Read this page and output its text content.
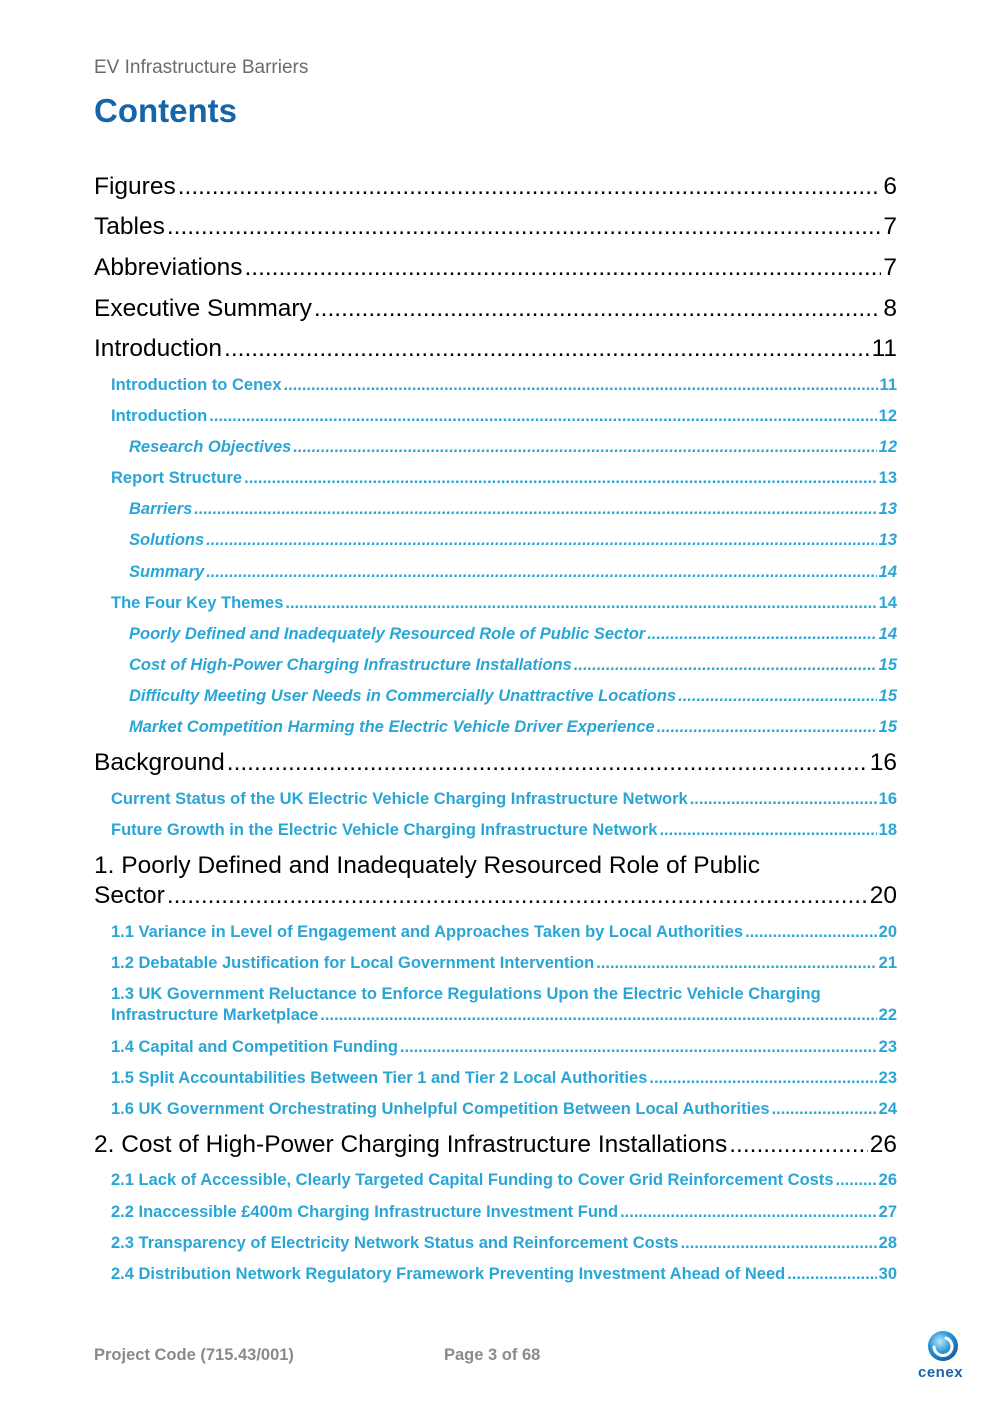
EV Infrastructure Barriers
Contents
Figures .....	6
Tables .....	7
Abbreviations .....	7
Executive Summary .....	8
Introduction .....	11
Introduction to Cenex .....	11
Introduction .....	12
Research Objectives .....	12
Report Structure .....	13
Barriers .....	13
Solutions .....	13
Summary .....	14
The Four Key Themes .....	14
Poorly Defined and Inadequately Resourced Role of Public Sector .....	14
Cost of High-Power Charging Infrastructure Installations .....	15
Difficulty Meeting User Needs in Commercially Unattractive Locations .....	15
Market Competition Harming the Electric Vehicle Driver Experience .....	15
Background .....	16
Current Status of the UK Electric Vehicle Charging Infrastructure Network .....	16
Future Growth in the Electric Vehicle Charging Infrastructure Network .....	18
1. Poorly Defined and Inadequately Resourced Role of Public
Sector .....	20
1.1 Variance in Level of Engagement and Approaches Taken by Local Authorities .....	20
1.2 Debatable Justification for Local Government Intervention .....	21
1.3 UK Government Reluctance to Enforce Regulations Upon the Electric Vehicle Charging
Infrastructure Marketplace .....	22
1.4 Capital and Competition Funding .....	23
1.5 Split Accountabilities Between Tier 1 and Tier 2 Local Authorities .....	23
1.6 UK Government Orchestrating Unhelpful Competition Between Local Authorities .....	24
2. Cost of High-Power Charging Infrastructure Installations .....	26
2.1 Lack of Accessible, Clearly Targeted Capital Funding to Cover Grid Reinforcement Costs .....	26
2.2 Inaccessible £400m Charging Infrastructure Investment Fund .....	27
2.3 Transparency of Electricity Network Status and Reinforcement Costs .....	28
2.4 Distribution Network Regulatory Framework Preventing Investment Ahead of Need .....	30
Project Code (715.43/001)	Page 3 of 68
cenex
